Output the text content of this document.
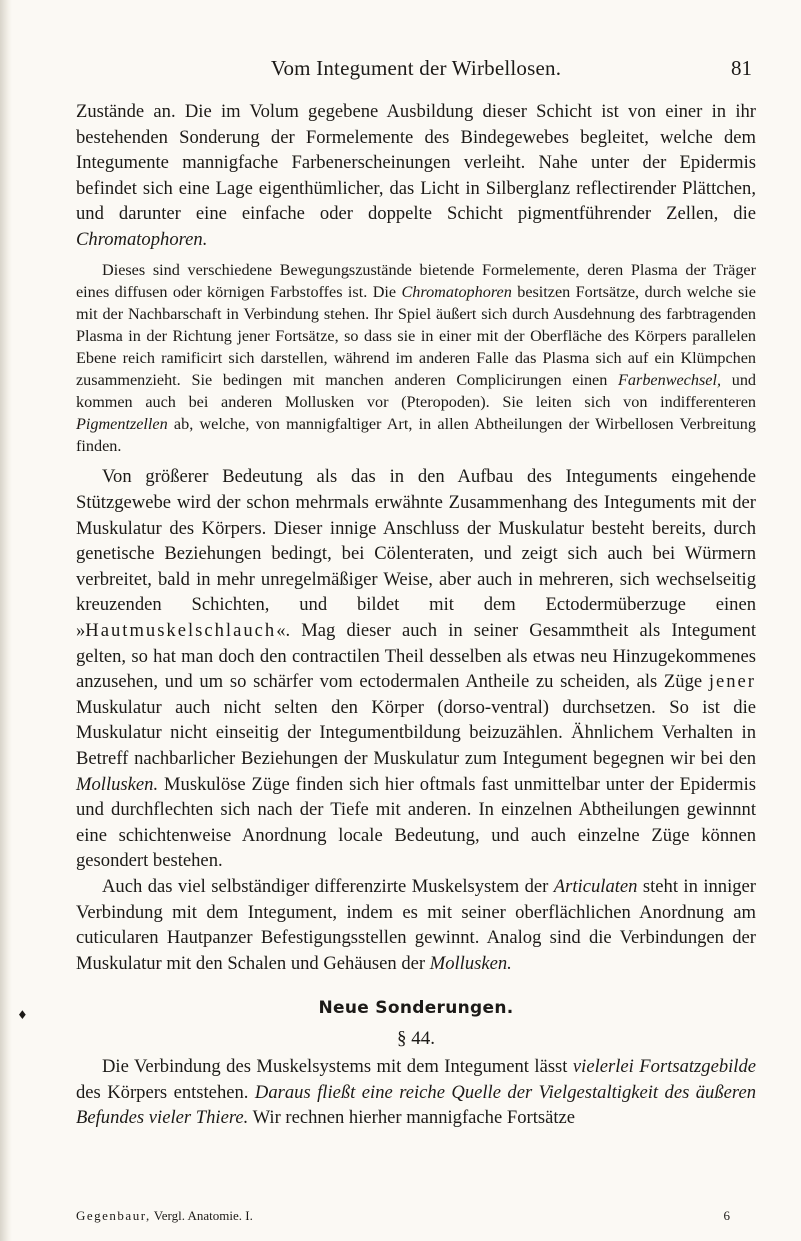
Vom Integument der Wirbellosen.	81

Zustände an. Die im Volum gegebene Ausbildung dieser Schicht ist von einer in ihr bestehenden Sonderung der Formelemente des Bindegewebes begleitet, welche dem Integumente mannigfache Farbenerscheinungen verleiht. Nahe unter der Epidermis befindet sich eine Lage eigenthümlicher, das Licht in Silberglanz reflectirender Plättchen, und darunter eine einfache oder doppelte Schicht pigmentführender Zellen, die Chromatophoren.

Dieses sind verschiedene Bewegungszustände bietende Formelemente, deren Plasma der Träger eines diffusen oder körnigen Farbstoffes ist. Die Chromatophoren besitzen Fortsätze, durch welche sie mit der Nachbarschaft in Verbindung stehen. Ihr Spiel äußert sich durch Ausdehnung des farbtragenden Plasma in der Richtung jener Fortsätze, so dass sie in einer mit der Oberfläche des Körpers parallelen Ebene reich ramificirt sich darstellen, während im anderen Falle das Plasma sich auf ein Klümpchen zusammenzieht. Sie bedingen mit manchen anderen Complicirungen einen Farbenwechsel, und kommen auch bei anderen Mollusken vor (Pteropoden). Sie leiten sich von indifferenteren Pigmentzellen ab, welche, von mannigfaltiger Art, in allen Abtheilungen der Wirbellosen Verbreitung finden.

Von größerer Bedeutung als das in den Aufbau des Integuments eingehende Stützgewebe wird der schon mehrmals erwähnte Zusammenhang des Integuments mit der Muskulatur des Körpers. Dieser innige Anschluss der Muskulatur besteht bereits, durch genetische Beziehungen bedingt, bei Cölenteraten, und zeigt sich auch bei Würmern verbreitet, bald in mehr unregelmäßiger Weise, aber auch in mehreren, sich wechselseitig kreuzenden Schichten, und bildet mit dem Ectodermüberzuge einen »Hautmuskelschlauch«. Mag dieser auch in seiner Gesammtheit als Integument gelten, so hat man doch den contractilen Theil desselben als etwas neu Hinzugekommenes anzusehen, und um so schärfer vom ectodermalen Antheile zu scheiden, als Züge jener Muskulatur auch nicht selten den Körper (dorso-ventral) durchsetzen. So ist die Muskulatur nicht einseitig der Integumentbildung beizuzählen. Ähnlichem Verhalten in Betreff nachbarlicher Beziehungen der Muskulatur zum Integument begegnen wir bei den Mollusken. Muskulöse Züge finden sich hier oftmals fast unmittelbar unter der Epidermis und durchflechten sich nach der Tiefe mit anderen. In einzelnen Abtheilungen gewinnnt eine schichtenweise Anordnung locale Bedeutung, und auch einzelne Züge können gesondert bestehen.

Auch das viel selbständiger differenzirte Muskelsystem der Articulaten steht in inniger Verbindung mit dem Integument, indem es mit seiner oberflächlichen Anordnung am cuticularen Hautpanzer Befestigungsstellen gewinnt. Analog sind die Verbindungen der Muskulatur mit den Schalen und Gehäusen der Mollusken.

Neue Sonderungen.
§ 44.

Die Verbindung des Muskelsystems mit dem Integument lässt vielerlei Fortsatzgebilde des Körpers entstehen. Daraus fließt eine reiche Quelle der Vielgestaltigkeit des äußeren Befundes vieler Thiere. Wir rechnen hierher mannigfache Fortsätze

♦
Gegenbaur, Vergl. Anatomie. I.	6
